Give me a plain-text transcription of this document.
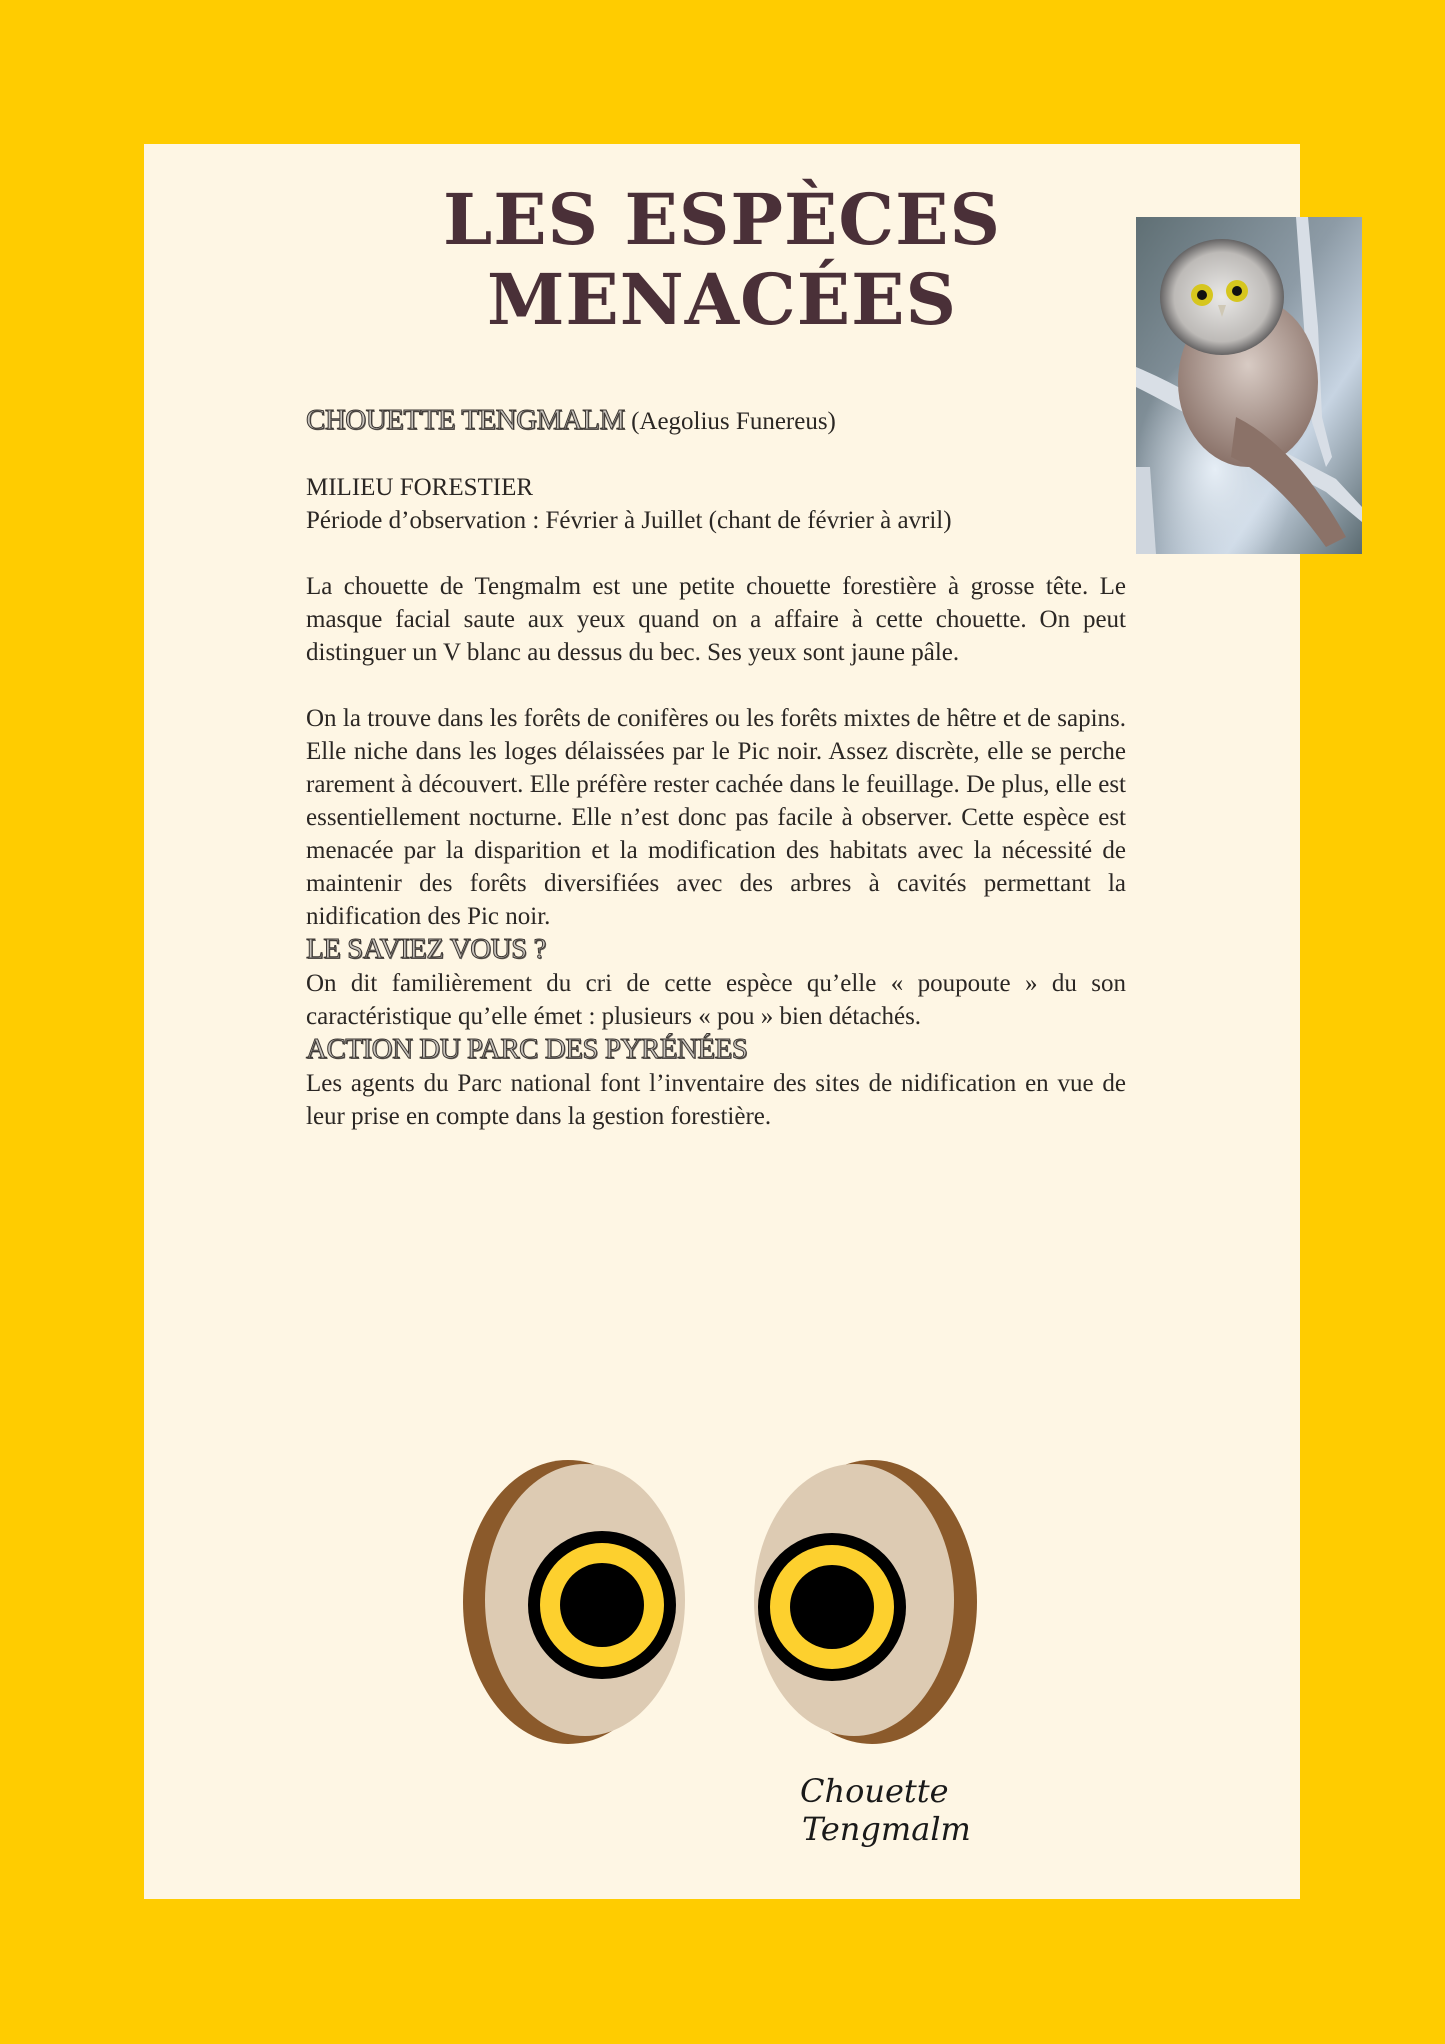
LES ESPÈCES
MENACÉES

CHOUETTE TENGMALM (Aegolius Funereus)

MILIEU FORESTIER

Période d’observation : Février à Juillet (chant de février à avril)

La chouette de Tengmalm est une petite chouette forestière à grosse tête. Le masque facial saute aux yeux quand on a affaire à cette chouette. On peut distinguer un V blanc au dessus du bec. Ses yeux sont jaune pâle.

On la trouve dans les forêts de conifères ou les forêts mixtes de hêtre et de sapins. Elle niche dans les loges délaissées par le Pic noir. Assez discrète, elle se perche rarement à découvert. Elle préfère rester cachée dans le feuillage. De plus, elle est essentiellement nocturne. Elle n’est donc pas facile à observer. Cette espèce est menacée par la disparition et la modification des habitats avec la nécessité de maintenir des forêts diversifiées avec des arbres à cavités permettant la nidification des Pic noir.

LE SAVIEZ VOUS ?

On dit familièrement du cri de cette espèce qu’elle « poupoute » du son caractéristique qu’elle émet : plusieurs « pou » bien détachés.

ACTION DU PARC DES PYRÉNÉES

Les agents du Parc national font l’inventaire des sites de nidification en vue de leur prise en compte dans la gestion forestière.

Chouette
Tengmalm
